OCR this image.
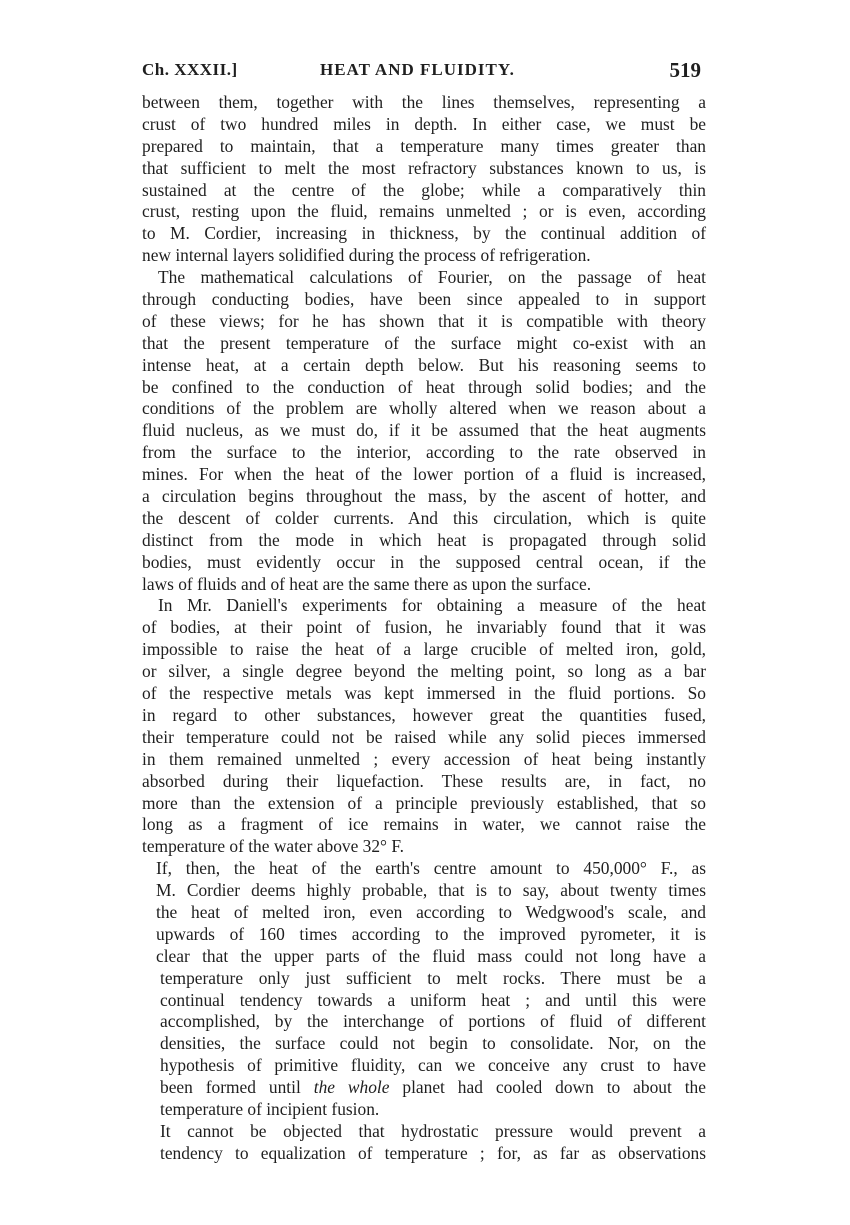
Ch. XXXII.]	HEAT AND FLUIDITY.	519
between them, together with the lines themselves, representing a
crust of two hundred miles in depth. In either case, we must be
prepared to maintain, that a temperature many times greater than
that sufficient to melt the most refractory substances known to us, is
sustained at the centre of the globe; while a comparatively thin
crust, resting upon the fluid, remains unmelted ; or is even, according
to M. Cordier, increasing in thickness, by the continual addition of
new internal layers solidified during the process of refrigeration.
The mathematical calculations of Fourier, on the passage of heat
through conducting bodies, have been since appealed to in support
of these views; for he has shown that it is compatible with theory
that the present temperature of the surface might co-exist with an
intense heat, at a certain depth below. But his reasoning seems to
be confined to the conduction of heat through solid bodies; and the
conditions of the problem are wholly altered when we reason about a
fluid nucleus, as we must do, if it be assumed that the heat augments
from the surface to the interior, according to the rate observed in
mines. For when the heat of the lower portion of a fluid is increased,
a circulation begins throughout the mass, by the ascent of hotter, and
the descent of colder currents. And this circulation, which is quite
distinct from the mode in which heat is propagated through solid
bodies, must evidently occur in the supposed central ocean, if the
laws of fluids and of heat are the same there as upon the surface.
In Mr. Daniell's experiments for obtaining a measure of the heat
of bodies, at their point of fusion, he invariably found that it was
impossible to raise the heat of a large crucible of melted iron, gold,
or silver, a single degree beyond the melting point, so long as a bar
of the respective metals was kept immersed in the fluid portions. So
in regard to other substances, however great the quantities fused,
their temperature could not be raised while any solid pieces immersed
in them remained unmelted ; every accession of heat being instantly
absorbed during their liquefaction. These results are, in fact, no
more than the extension of a principle previously established, that so
long as a fragment of ice remains in water, we cannot raise the
temperature of the water above 32° F.
If, then, the heat of the earth's centre amount to 450,000° F., as
M. Cordier deems highly probable, that is to say, about twenty times
the heat of melted iron, even according to Wedgwood's scale, and
upwards of 160 times according to the improved pyrometer, it is
clear that the upper parts of the fluid mass could not long have a
temperature only just sufficient to melt rocks. There must be a
continual tendency towards a uniform heat ; and until this were
accomplished, by the interchange of portions of fluid of different
densities, the surface could not begin to consolidate. Nor, on the
hypothesis of primitive fluidity, can we conceive any crust to have
been formed until the whole planet had cooled down to about the
temperature of incipient fusion.
It cannot be objected that hydrostatic pressure would prevent a
tendency to equalization of temperature ; for, as far as observations
